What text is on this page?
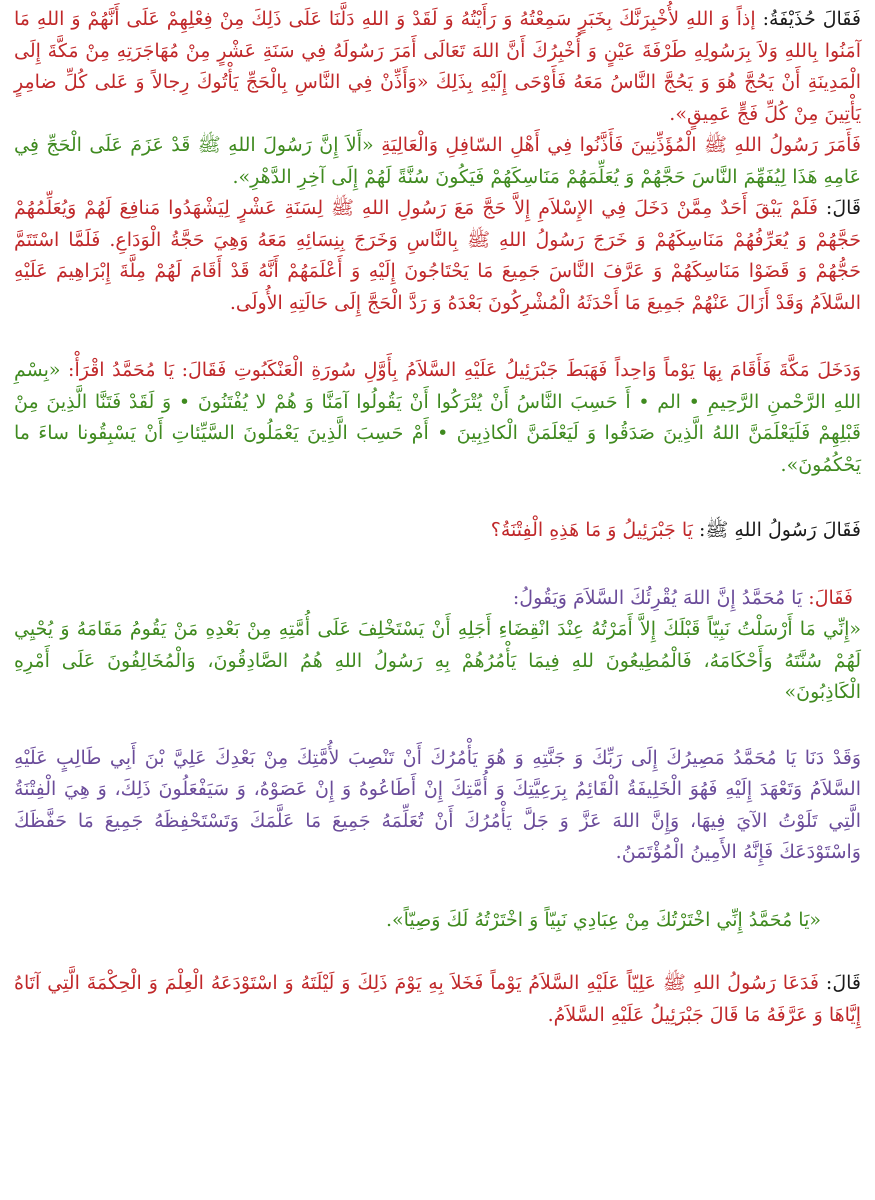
فَقَالَ حُذَيْفَةُ: إذاً وَ اللهِ لأُخْبِرَنَّكَ بِخَبَرٍ سَمِعْتُهُ وَ رَأَيْتُهُ وَ لَقَدْ وَ اللهِ دَلَّنَا عَلَى ذَلِكَ مِنْ فِعْلِهِمْ عَلَى أَنَّهُمْ وَ اللهِ مَا آمَنُوا بِاللهِ وَلاَ بِرَسُولِهِ طَرْفَةَ عَيْنٍ وَ أُخْبِرُكَ أَنَّ اللهَ تَعَالَى أَمَرَ رَسُولَهُ فِي سَنَةِ عَشْرٍ مِنْ مُهَاجَرَتِهِ مِنْ مَكَّةَ إِلَى الْمَدِينَةِ أَنْ يَحُجَّ هُوَ وَ يَحُجَّ النَّاسُ مَعَهُ فَأَوْحَى إِلَيْهِ بِذَلِكَ «وَأَذِّنْ فِي النَّاسِ بِالْحَجِّ يَأْتُوكَ رِجالاً وَ عَلى كُلِّ ضامِرٍ يَأْتِينَ مِنْ كُلِّ فَجٍّ عَمِيقٍ».

فَأَمَرَ رَسُولُ اللهِ ﷺ الْمُؤَذِّنِينَ فَأَذَّنُوا فِي أَهْلِ السّافِلِ وَالْعَالِيَةِ «أَلاَ إِنَّ رَسُولَ اللهِ ﷺ قَدْ عَزَمَ عَلَى الْحَجِّ فِي عَامِهِ هَذَا لِيُفَهِّمَ النَّاسَ حَجَّهُمْ وَ يُعَلِّمَهُمْ مَنَاسِكَهُمْ فَيَكُونَ سُنَّةً لَهُمْ إِلَى آخِرِ الدَّهْرِ».

قَالَ: فَلَمْ يَبْقَ أَحَدٌ مِمَّنْ دَخَلَ فِي الإِسْلاَمِ إِلاَّ حَجَّ مَعَ رَسُولِ اللهِ ﷺ لِسَنَةِ عَشْرٍ لِيَشْهَدُوا مَنافِعَ لَهُمْ وَيُعَلِّمُهُمْ حَجَّهُمْ وَ يُعَرِّفُهُمْ مَنَاسِكَهُمْ وَ خَرَجَ رَسُولُ اللهِ ﷺ بِالنَّاسِ وَخَرَجَ بِنِسَائِهِ مَعَهُ وَهِيَ حَجَّةُ الْوَدَاعِ. فَلَمَّا اسْتَتَمَّ حَجُّهُمْ وَ قَضَوْا مَنَاسِكَهُمْ وَ عَرَّفَ النَّاسَ جَمِيعَ مَا يَحْتَاجُونَ إِلَيْهِ وَ أَعْلَمَهُمْ أَنَّهُ قَدْ أَقَامَ لَهُمْ مِلَّةَ إِبْرَاهِيمَ عَلَيْهِ السَّلاَمُ وَقَدْ أَزَالَ عَنْهُمْ جَمِيعَ مَا أَحْدَثَهُ الْمُشْرِكُونَ بَعْدَهُ وَ رَدَّ الْحَجَّ إِلَى حَالَتِهِ الأُولَى.

وَدَخَلَ مَكَّةَ فَأَقَامَ بِهَا يَوْماً وَاحِداً فَهَبَطَ جَبْرَئِيلُ عَلَيْهِ السَّلاَمُ بِأَوَّلِ سُورَةِ الْعَنْكَبُوتِ فَقَالَ: يَا مُحَمَّدُ اقْرَأْ: «بِسْمِ اللهِ الرَّحْمنِ الرَّحِيمِ • الم • أَ حَسِبَ النَّاسُ أَنْ يُتْرَكُوا أَنْ يَقُولُوا آمَنَّا وَ هُمْ لا يُفْتَنُونَ • وَ لَقَدْ فَتَنَّا الَّذِينَ مِنْ قَبْلِهِمْ فَلَيَعْلَمَنَّ اللهُ الَّذِينَ صَدَقُوا وَ لَيَعْلَمَنَّ الْكاذِبِينَ • أَمْ حَسِبَ الَّذِينَ يَعْمَلُونَ السَّيِّئاتِ أَنْ يَسْبِقُونا ساءَ ما يَحْكُمُونَ».

فَقَالَ رَسُولُ اللهِ ﷺ: يَا جَبْرَئِيلُ وَ مَا هَذِهِ الْفِتْنَةُ؟

فَقَالَ: يَا مُحَمَّدُ إِنَّ اللهَ يُقْرِئُكَ السَّلاَمَ وَيَقُولُ:

«إِنِّي مَا أَرْسَلْتُ نَبِيّاً قَبْلَكَ إِلاَّ أَمَرْتُهُ عِنْدَ انْقِضَاءِ أَجَلِهِ أَنْ يَسْتَخْلِفَ عَلَى أُمَّتِهِ مِنْ بَعْدِهِ مَنْ يَقُومُ مَقَامَهُ وَ يُحْيِي لَهُمْ سُنَّتَهُ وَأَحْكَامَهُ، فَالْمُطِيعُونَ للهِ فِيمَا يَأْمُرُهُمْ بِهِ رَسُولُ اللهِ هُمُ الصَّادِقُونَ، وَالْمُخَالِفُونَ عَلَى أَمْرِهِ الْكَاذِبُونَ»

وَقَدْ دَنَا يَا مُحَمَّدُ مَصِيرُكَ إِلَى رَبِّكَ وَ جَنَّتِهِ وَ هُوَ يَأْمُرُكَ أَنْ تَنْصِبَ لأُمَّتِكَ مِنْ بَعْدِكَ عَلِيَّ بْنَ أَبِي طَالِبٍ عَلَيْهِ السَّلاَمُ وَتَعْهَدَ إِلَيْهِ فَهُوَ الْخَلِيفَةُ الْقَائِمُ بِرَعِيَّتِكَ وَ أُمَّتِكَ إِنْ أَطَاعُوهُ وَ إِنْ عَصَوْهُ، وَ سَيَفْعَلُونَ ذَلِكَ، وَ هِيَ الْفِتْنَةُ الَّتِي تَلَوْتُ الآيَ فِيهَا، وَإِنَّ اللهَ عَزَّ وَ جَلَّ يَأْمُرُكَ أَنْ تُعَلِّمَهُ جَمِيعَ مَا عَلَّمَكَ وَتَسْتَحْفِظَهُ جَمِيعَ مَا حَفَّظَكَ وَاسْتَوْدَعَكَ فَإِنَّهُ الأَمِينُ الْمُؤْتَمَنُ.

«يَا مُحَمَّدُ إِنِّي اخْتَرْتُكَ مِنْ عِبَادِي نَبِيّاً وَ اخْتَرْتُهُ لَكَ وَصِيّاً».

قَالَ: فَدَعَا رَسُولُ اللهِ ﷺ عَلِيّاً عَلَيْهِ السَّلاَمُ يَوْماً فَخَلاَ بِهِ يَوْمَ ذَلِكَ وَ لَيْلَتَهُ وَ اسْتَوْدَعَهُ الْعِلْمَ وَ الْحِكْمَةَ الَّتِي آتَاهُ إِيَّاهَا وَ عَرَّفَهُ مَا قَالَ جَبْرَئِيلُ عَلَيْهِ السَّلاَمُ.
